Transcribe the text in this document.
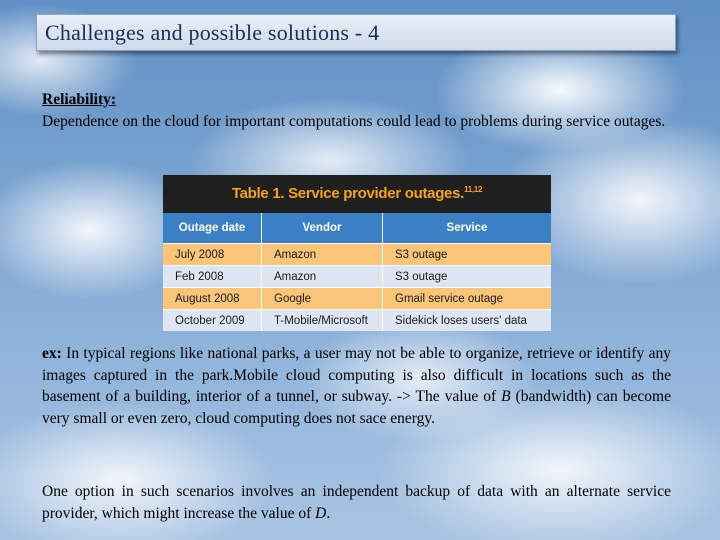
Challenges and possible solutions - 4
Reliability:
Dependence on the cloud for important computations could lead to problems during service outages.
Table 1. Service provider outages.$^{11,12}$
Outage date	Vendor	Service
July 2008	Amazon	S3 outage
Feb 2008	Amazon	S3 outage
August 2008	Google	Gmail service outage
October 2009	T-Mobile/Microsoft	Sidekick loses users' data
ex: In typical regions like national parks, a user may not be able to organize, retrieve or identify any images captured in the park.Mobile cloud computing is also difficult in locations such as the basement of a building, interior of a tunnel, or subway. -> The value of B (bandwidth) can become very small or even zero, cloud computing does not sace energy.
One option in such scenarios involves an independent backup of data with an alternate service provider, which might increase the value of D.
